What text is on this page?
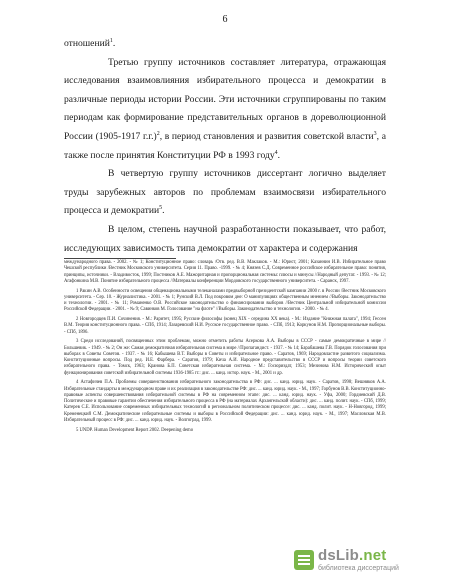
6

отношений$^1$.

Третью группу источников составляет литература, отражающая исследования взаимовлияния избирательного процесса и демократии в различные периоды истории России. Эти источники сгруппированы по таким периодам как формирование представительных органов в дореволюционной России (1905-1917 г.г.)$^2$, в период становления и развития советской власти$^3$, а также после принятия Конституции РФ в 1993 году$^4$.

В четвертую группу источников диссертант логично выделяет труды зарубежных авторов по проблемам взаимосвязи избирательного процесса и демократии$^5$.

В целом, степень научной разработанности показывает, что работ, исследующих зависимость типа демократии от характера и содержания

международного права. - 2002. - № 1; Конституционное право: словарь /Отв. ред. В.В. Маклаков. - М.: Юрист, 2001; Казаннин И.В. Избирательное право Чешской республики /Вестник Московского университета. Серия 11. Право. -1999. - № 4; Князев С.Д. Современное российское избирательное право: понятия, принципы, источники. - Владивосток, 1999; Постников А.Е. Мажоритарная и пропорциональная системы: плюсы и минусы //Народный депутат. - 1993. - № 12; Агафонкина М.В. Понятие избирательного процесса //Материалы конференции Мордовского государственного университета. - Саранск, 1997.

1 Ракин А.В. Особенности освещения общенациональными телеканалами предвыборной президентской кампании 2000 г. в России /Вестник Московского университета. - Сер. 10. - Журналистика. - 2001. - № 1; Рунский В.Л. Под покровом дне: О манипуляциях общественным мнением //Выборы. Законодательство и технологии. - 2001. - № 11; Романенко О.В. Российское законодательство о финансировании выборов //Вестник Центральной избирательной комиссии Российской Федерации. - 2001. - № 9; Савинков М. Голосование "на флоте" //Выборы. Законодательство и технологии. - 2000. - № 4.

2 Новгородцев П.И. Сочинения. - М.: Раритет, 1995; Русские философы (конец XIX - середина XX века). - М.: Издание "Книжная палата", 1994; Гессен В.М. Теория конституционного права. - СПб, 1914; Лазаревский Н.И. Русское государственное право. - СПб, 1913; Коркунов Н.М. Пропорциональные выборы. - СПб, 1896.

3 Среди исследований, посвященных этим проблемам, можно отметить работы Асеркова А.А. Выборы в СССР - самые демократичные в мире //Большевик. - 1949. - № 2; Он же: Самая демократичная избирательная система в мире //Пропагандист. - 1937. - № 14; Барабашева Г.В. Порядок голосования при выборах в Советы Советов. - 1937. - № 16; Кабышева В.Т. Выборы в Советы и избирательное право. - Саратов, 1969; Народовластие развитого социализма. Конституционные вопросы. Под ред. И.Е. Фарбера. - Саратов, 1979; Кича А.И. Народное представительство в СССР и вопросы теории советского избирательного права. - Томск, 1963; Кранова Б.П. Советская избирательная система. - М.: Госюриздат, 1953; Мезинова Н.М. Исторический опыт функционирования советской избирательной системы 1936-1985 гг.: дис. ... канд. истор. наук. - М., 2001 и др.

4 Астафичев П.А. Проблемы совершенствования избирательного законодательства в РФ: дис. ... канд. юрид. наук. - Саратов, 1998; Вешняков А.А. Избирательные стандарты в международном праве и их реализация в законодательстве РФ: дис. ... канд. юрид. наук. - М., 1997; Горбунов В.В. Конституционно-правовые аспекты совершенствования избирательной системы в РФ на современном этапе: дис. ... канд. юрид. наук. - Уфа, 2000; Гордиевский Д.В. Политические и правовые гарантии обеспечения избирательного процесса в РФ (на материалах Архангельской области): дис. ... канд. полит. наук. - СПб, 1999; Катерев С.Е. Использование современных избирательных технологий в региональном политическом процессе: дис. ... канд. полит. наук. - Н-Новгород, 1999; Кременецкий С.М. Демократические избирательные системы и выборы в Российской Федерации: дис. ... канд. юрид. наук. - М., 1997; Масловская М.В. Избирательный процесс в РФ: дис. ... канд. юрид. наук. - Волгоград, 1999.

5 UNDP. Human Development Report 2002. Deepening demo

dsLib.net
библиотека диссертаций
